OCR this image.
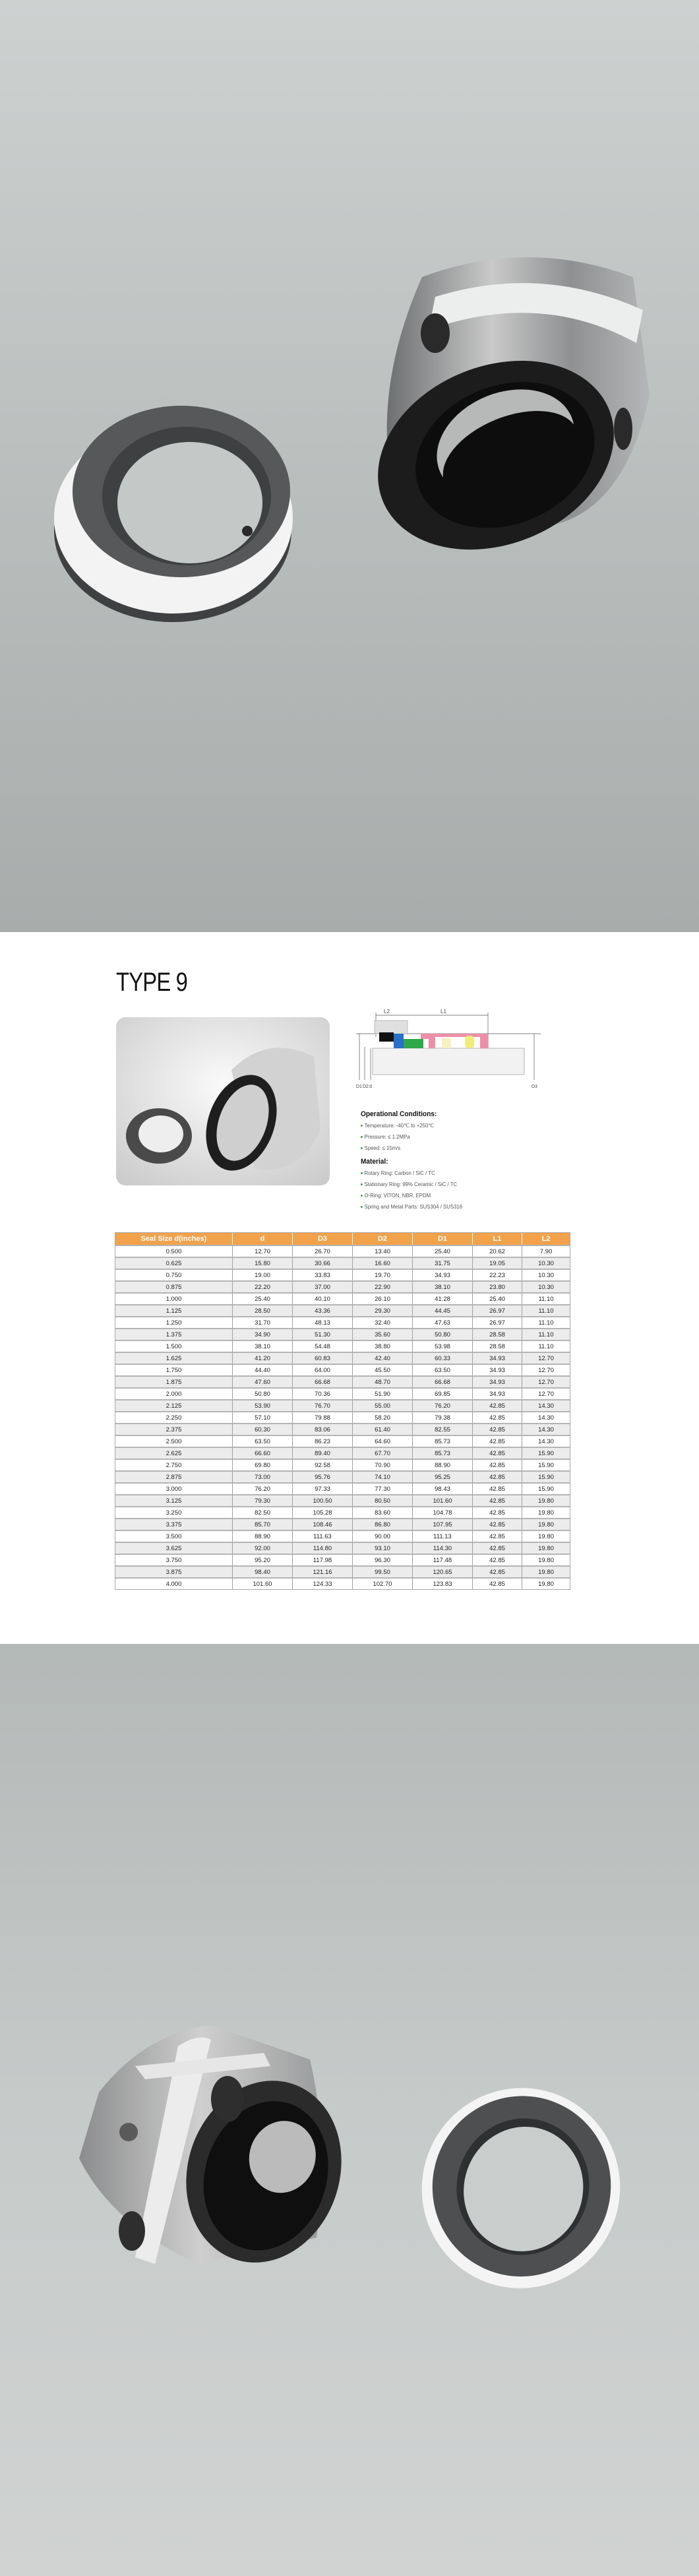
TYPE 9
L2	L1
D1 D2 d	D3
Operational Conditions:
Temperature: -40℃ to +250℃
Pressure: ≤ 1.2MPa
Speed: ≤ 15m/s
Material:
Rotary Ring: Carbon / SiC / TC
Stationary Ring: 99% Ceramic / SiC / TC
O-Ring: VITON, NBR, EPDM
Spring and Metal Parts: SUS304 / SUS316
Seal Size d(inches)	d	D3	D2	D1	L1	L2
0.500	12.70	26.70	13.40	25.40	20.62	7.90
0.625	15.80	30.66	16.60	31.75	19.05	10.30
0.750	19.00	33.83	19.70	34.93	22.23	10.30
0.875	22.20	37.00	22.90	38.10	23.80	10.30
1.000	25.40	40.10	26.10	41.28	25.40	11.10
1.125	28.50	43.36	29.30	44.45	26.97	11.10
1.250	31.70	48.13	32.40	47.63	26.97	11.10
1.375	34.90	51.30	35.60	50.80	28.58	11.10
1.500	38.10	54.48	38.80	53.98	28.58	11.10
1.625	41.20	60.83	42.40	60.33	34.93	12.70
1.750	44.40	64.00	45.50	63.50	34.93	12.70
1.875	47.60	66.68	48.70	66.68	34.93	12.70
2.000	50.80	70.36	51.90	69.85	34.93	12.70
2.125	53.90	76.70	55.00	76.20	42.85	14.30
2.250	57.10	79.88	58.20	79.38	42.85	14.30
2.375	60.30	83.06	61.40	82.55	42.85	14.30
2.500	63.50	86.23	64.60	85.73	42.85	14.30
2.625	66.60	89.40	67.70	85.73	42.85	15.90
2.750	69.80	92.58	70.90	88.90	42.85	15.90
2.875	73.00	95.76	74.10	95.25	42.85	15.90
3.000	76.20	97.33	77.30	98.43	42.85	15.90
3.125	79.30	100.50	80.50	101.60	42.85	19.80
3.250	82.50	105.28	83.60	104.78	42.85	19.80
3.375	85.70	108.46	86.80	107.95	42.85	19.80
3.500	88.90	111.63	90.00	111.13	42.85	19.80
3.625	92.00	114.80	93.10	114.30	42.85	19.80
3.750	95.20	117.98	96.30	117.48	42.85	19.80
3.875	98.40	121.16	99.50	120.65	42.85	19.80
4.000	101.60	124.33	102.70	123.83	42.85	19.80
